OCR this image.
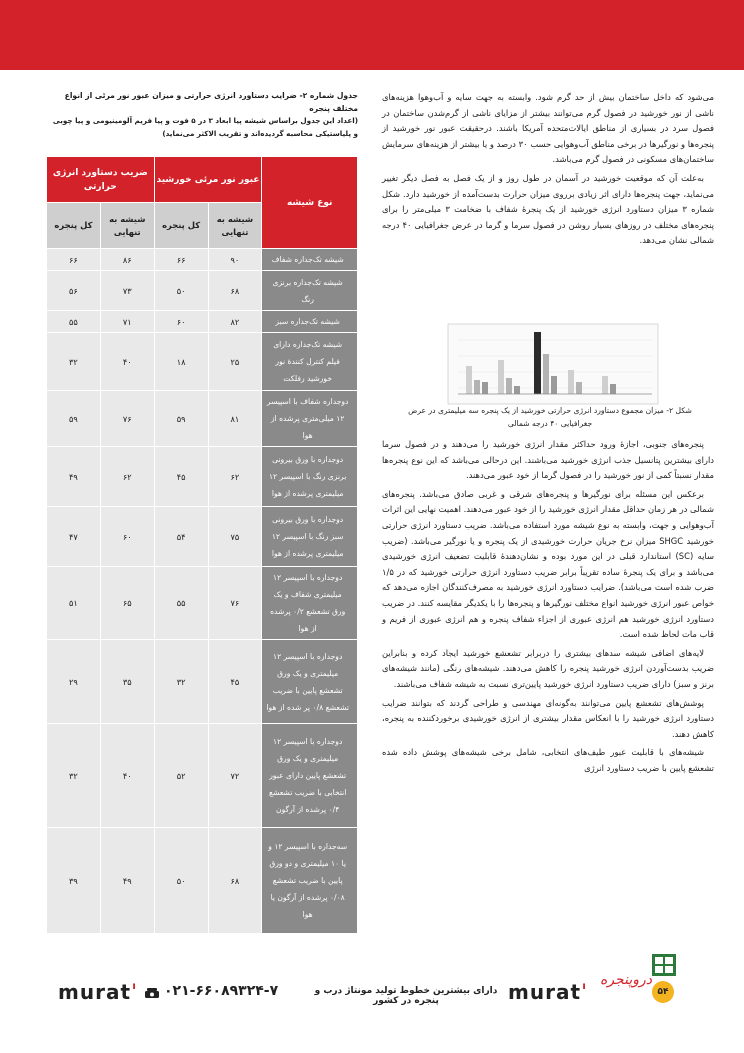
جدول شماره ۲- ضرایب دستاورد انرژی حرارتی و میزان عبور نور مرئی از انواع مختلف پنجره
(اعداد این جدول براساس شیشه پیا ابعاد ۳ در ۵ فوت و پیا فریم آلومینیومی و پیا چوبی و پلیاستیکی محاسبه گردیده‌اند و تقریب الاکثر می‌نماید)
نوع شیشه	عبور نور مرئی خورشید		ضریب دستاورد انرژی حرارتی	
	شیشه به تنهایی	کل پنجره	شیشه به تنهایی	کل پنجره
شیشه تک‌جداره شفاف	۹۰	۶۶	۸۶	۶۶
شیشه تک‌جداره برنزی رنگ	۶۸	۵۰	۷۳	۵۶
شیشه تک‌جداره سبز	۸۲	۶۰	۷۱	۵۵
شیشه تک‌جداره دارای فیلم کنترل کنندهٔ نور خورشید رفلکت	۲۵	۱۸	۴۰	۳۲
دوجداره شفاف با اسپیسر ۱۲ میلی‌متری پرشده از هوا	۸۱	۵۹	۷۶	۵۹
دوجداره با ورق بیرونی برنزی رنگ با اسپیسر ۱۲ میلیمتری پرشده از هوا	۶۲	۴۵	۶۲	۴۹
دوجداره با ورق بیرونی سبز رنگ با اسپیسر ۱۲ میلیمتری پرشده از هوا	۷۵	۵۴	۶۰	۴۷
دوجداره با اسپیسر ۱۲ میلیمتری شفاف و یک ورق تشعشع ۰/۲ پرشده از هوا	۷۶	۵۵	۶۵	۵۱
دوجداره با اسپیسر ۱۲ میلیمتری و یک ورق تشعشع پایین با ضریب تشعشع ۰/۸ پر شده از هوا	۴۵	۳۲	۳۵	۲۹
دوجداره با اسپیسر ۱۲ میلیمتری و یک ورق تشعشع پایین دارای عبور انتخابی با ضریب تشعشع ۰/۴ پرشده از آرگون	۷۲	۵۲	۴۰	۳۲
سه‌جداره با اسپیسر ۱۲ و یا ۱۰ میلیمتری و دو ورق پایین با ضریب تشعشع ۰/۰۸ پرشده از آرگون یا هوا	۶۸	۵۰	۴۹	۳۹

می‌شود که داخل ساختمان بیش از حد گرم شود. وابسته به جهت سایه و آب‌وهوا هزینه‌های ناشی از نور خورشید در فصول گرم می‌توانند بیشتر از مزایای ناشی از گرم‌شدن ساختمان در فصول سرد در بسیاری از مناطق ایالات‌متحده آمریکا باشند. درحقیقت عبور نور خورشید از پنجره‌ها و نورگیرها در برخی مناطق آب‌وهوایی حسب ۳۰ درصد و یا بیشتر از هزینه‌های سرمایش ساختمان‌های مسکونی در فصول گرم می‌باشد.

به‌علت آن که موقعیت خورشید در آسمان در طول روز و از یک فصل به فصل دیگر تغییر می‌نماید، جهت پنجره‌ها دارای اثر زیادی برروی میزان حرارت بدست‌آمده از خورشید دارد. شکل شماره ۳ میزان دستاورد انرژی خورشید از یک پنجرهٔ شفاف با ضخامت ۳ میلی‌متر را برای پنجره‌های مختلف در روزهای بسیار روشن در فصول سرما و گرما در عرض جغرافیایی ۴۰ درجه شمالی نشان می‌دهد.

شکل ۲- میزان مجموع دستاورد انرژی حرارتی خورشید از یک پنجره سه میلیمتری در عرض جغرافیایی ۴۰ درجه شمالی

پنجره‌های جنوبی، اجازهٔ ورود حداکثر مقدار انرژی خورشید را می‌دهند و در فصول سرما دارای بیشترین پتانسیل جذب انرژی خورشید می‌باشند. این درحالی می‌باشد که این نوع پنجره‌ها مقدار نسبتاً کمی از نور خورشید را در فصول گرما از خود عبور می‌دهند.

برعکس این مسئله برای نورگیرها و پنجره‌های شرقی و غربی صادق می‌باشد. پنجره‌های شمالی در هر زمان حداقل مقدار انرژی خورشید را از خود عبور می‌دهند. اهمیت نهایی این اثرات آب‌وهوایی و جهت، وابسته به نوع شیشه مورد استفاده می‌باشد. ضریب دستاورد انرژی حرارتی خورشید SHGC میزان نرخ جریان حرارت خورشیدی از یک پنجره و یا نورگیر می‌باشد. (ضریب سایه (SC) استاندارد قبلی در این مورد بوده و نشان‌دهندهٔ قابلیت تضعیف انرژی خورشیدی می‌باشد و برای یک پنجرهٔ ساده تقریباً برابر ضریب دستاورد انرژی حرارتی خورشید که در ۱/۵ ضرب شده است می‌باشد). ضرایب دستاورد انرژی خورشید به مصرف‌کنندگان اجازه می‌دهد که خواص عبور انرژی خورشید انواع مختلف نورگیرها و پنجره‌ها را با یکدیگر مقایسه کنند. در ضریب دستاورد انرژی خورشید هم انرژی عبوری از اجزاء شفاف پنجره و هم انرژی عبوری از فریم و قاب مات لحاظ شده است.

لایه‌های اضافی شیشه سدهای بیشتری را دربرابر تشعشع خورشید ایجاد کرده و بنابراین ضریب بدست‌آوردن انرژی خورشید پنجره را کاهش می‌دهند. شیشه‌های رنگی (مانند شیشه‌های برنز و سبز) دارای ضریب دستاورد انرژی خورشید پایین‌تری نسبت به شیشه شفاف می‌باشند.

پوشش‌های تشعشع پایین می‌توانند به‌گونه‌ای مهندسی و طراحی گردند که بتوانند ضرایب دستاورد انرژی خورشید را با انعکاس مقدار بیشتری از انرژی خورشیدی برخوردکننده به پنجره، کاهش دهند.

شیشه‌های با قابلیت عبور طیف‌های انتخابی، شامل برخی شیشه‌های پوشش داده شده تشعشع پایین با ضریب دستاورد انرژی

دروپنجره
۵۴
muratˈ
دارای بیشترین خطوط تولید مونتاژ درب و پنجره در کشور
۰۲۱-۶۶۰۸۹۳۲۴-۷
muratˈ
